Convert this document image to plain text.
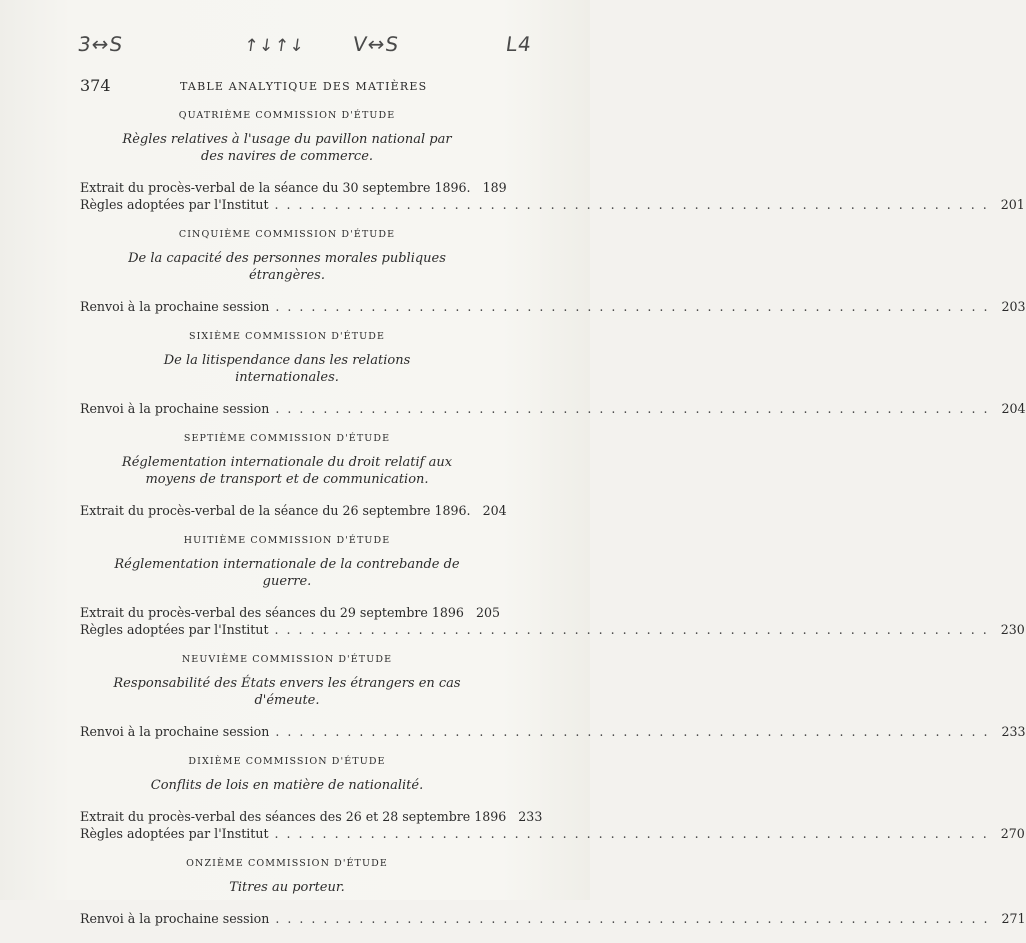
3↔S	↑↓↑↓ V↔S	L4
374	TABLE ANALYTIQUE DES MATIÈRES
QUATRIÈME COMMISSION D'ÉTUDE
Règles relatives à l'usage du pavillon national par des navires de commerce.
Extrait du procès-verbal de la séance du 30 septembre 1896. 189
Règles adoptées par l'Institut ............................................................ 201
CINQUIÈME COMMISSION D'ÉTUDE
De la capacité des personnes morales publiques étrangères.
Renvoi à la prochaine session ............................................................ 203
SIXIÈME COMMISSION D'ÉTUDE
De la litispendance dans les relations internationales.
Renvoi à la prochaine session ............................................................ 204
SEPTIÈME COMMISSION D'ÉTUDE
Réglementation internationale du droit relatif aux moyens de transport et de communication.
Extrait du procès-verbal de la séance du 26 septembre 1896. 204
HUITIÈME COMMISSION D'ÉTUDE
Réglementation internationale de la contrebande de guerre.
Extrait du procès-verbal des séances du 29 septembre 1896 205
Règles adoptées par l'Institut ............................................................ 230
NEUVIÈME COMMISSION D'ÉTUDE
Responsabilité des États envers les étrangers en cas d'émeute.
Renvoi à la prochaine session ............................................................ 233
DIXIÈME COMMISSION D'ÉTUDE
Conflits de lois en matière de nationalité.
Extrait du procès-verbal des séances des 26 et 28 septembre 1896 233
Règles adoptées par l'Institut ............................................................ 270
ONZIÈME COMMISSION D'ÉTUDE
Titres au porteur.
Renvoi à la prochaine session ............................................................ 271
